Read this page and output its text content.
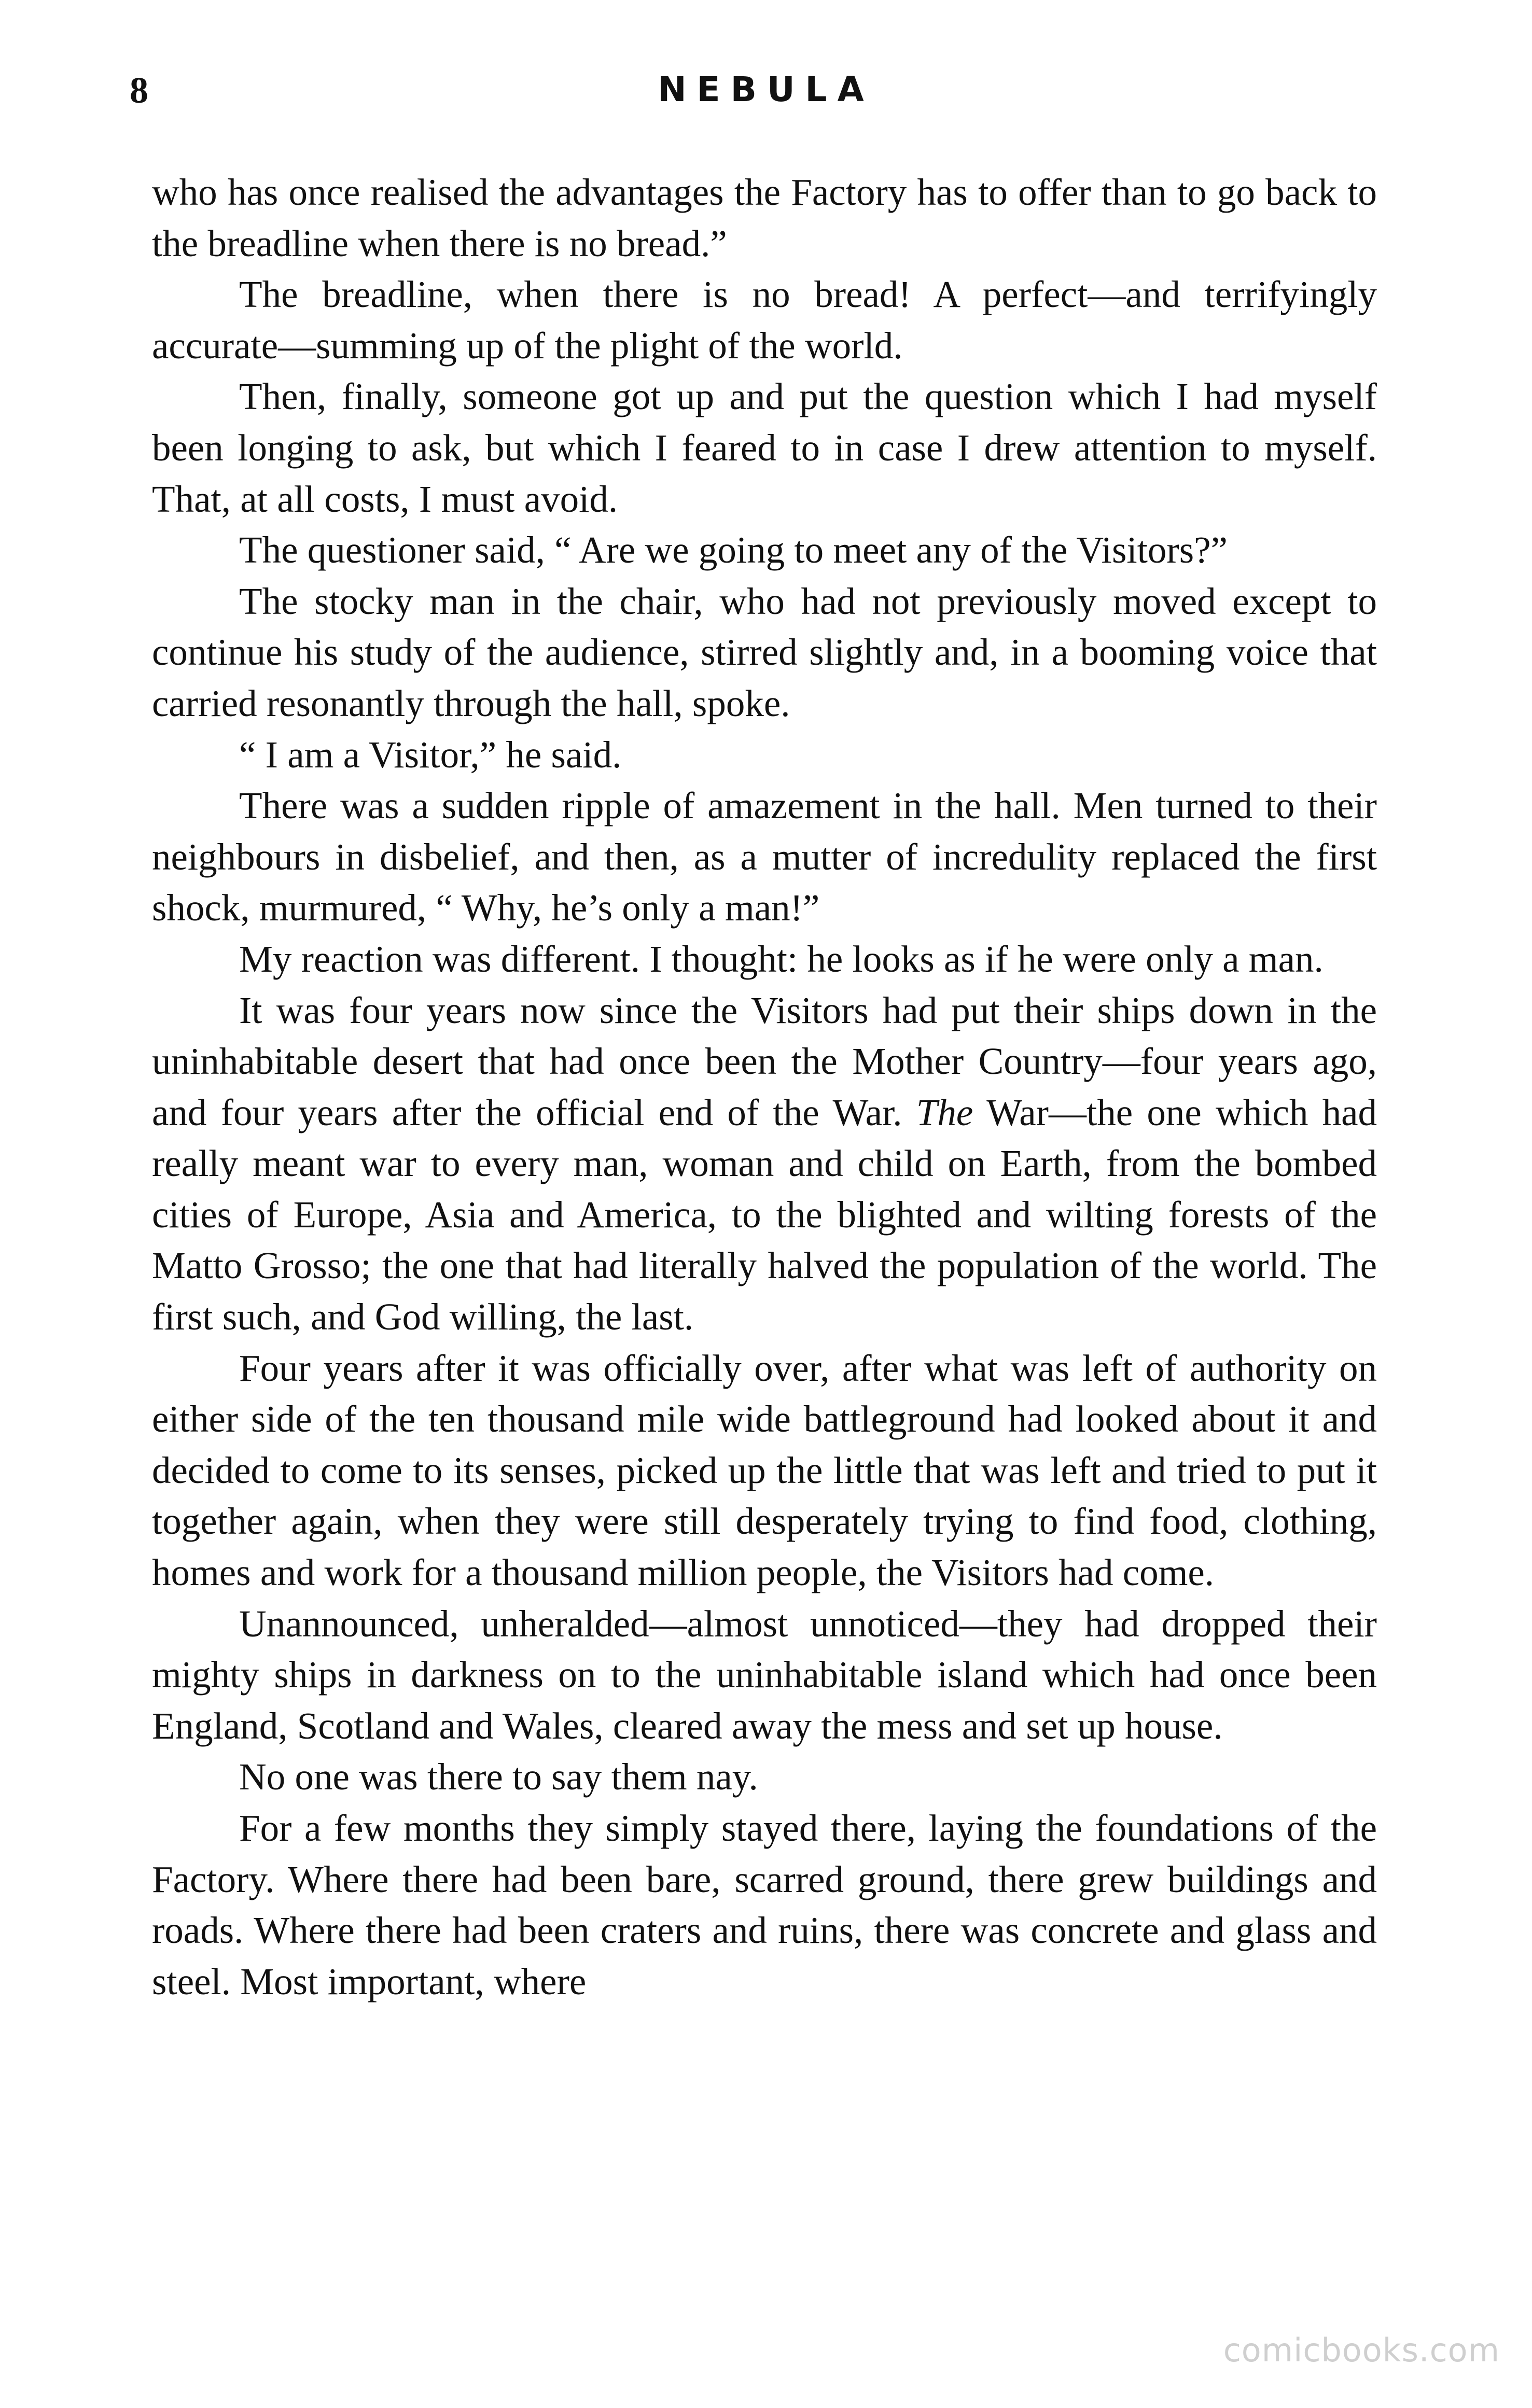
8	NEBULA

who has once realised the advantages the Factory has to offer than to go back to the breadline when there is no bread.”

The breadline, when there is no bread! A perfect—and terrifyingly accurate—summing up of the plight of the world.

Then, finally, someone got up and put the question which I had myself been longing to ask, but which I feared to in case I drew attention to myself. That, at all costs, I must avoid.

The questioner said, “ Are we going to meet any of the Visitors?”

The stocky man in the chair, who had not previously moved except to continue his study of the audience, stirred slightly and, in a booming voice that carried resonantly through the hall, spoke.

“ I am a Visitor,” he said.

There was a sudden ripple of amazement in the hall. Men turned to their neighbours in disbelief, and then, as a mutter of incredulity replaced the first shock, murmured, “ Why, he’s only a man!”

My reaction was different. I thought: he looks as if he were only a man.

It was four years now since the Visitors had put their ships down in the uninhabitable desert that had once been the Mother Country—four years ago, and four years after the official end of the War. The War—the one which had really meant war to every man, woman and child on Earth, from the bombed cities of Europe, Asia and America, to the blighted and wilting forests of the Matto Grosso; the one that had literally halved the population of the world. The first such, and God willing, the last.

Four years after it was officially over, after what was left of authority on either side of the ten thousand mile wide battleground had looked about it and decided to come to its senses, picked up the little that was left and tried to put it together again, when they were still desperately trying to find food, clothing, homes and work for a thousand million people, the Visitors had come.

Unannounced, unheralded—almost unnoticed—they had dropped their mighty ships in darkness on to the uninhabitable island which had once been England, Scotland and Wales, cleared away the mess and set up house.

No one was there to say them nay.

For a few months they simply stayed there, laying the foundations of the Factory. Where there had been bare, scarred ground, there grew buildings and roads. Where there had been craters and ruins, there was concrete and glass and steel. Most important, where

comicbooks.com
